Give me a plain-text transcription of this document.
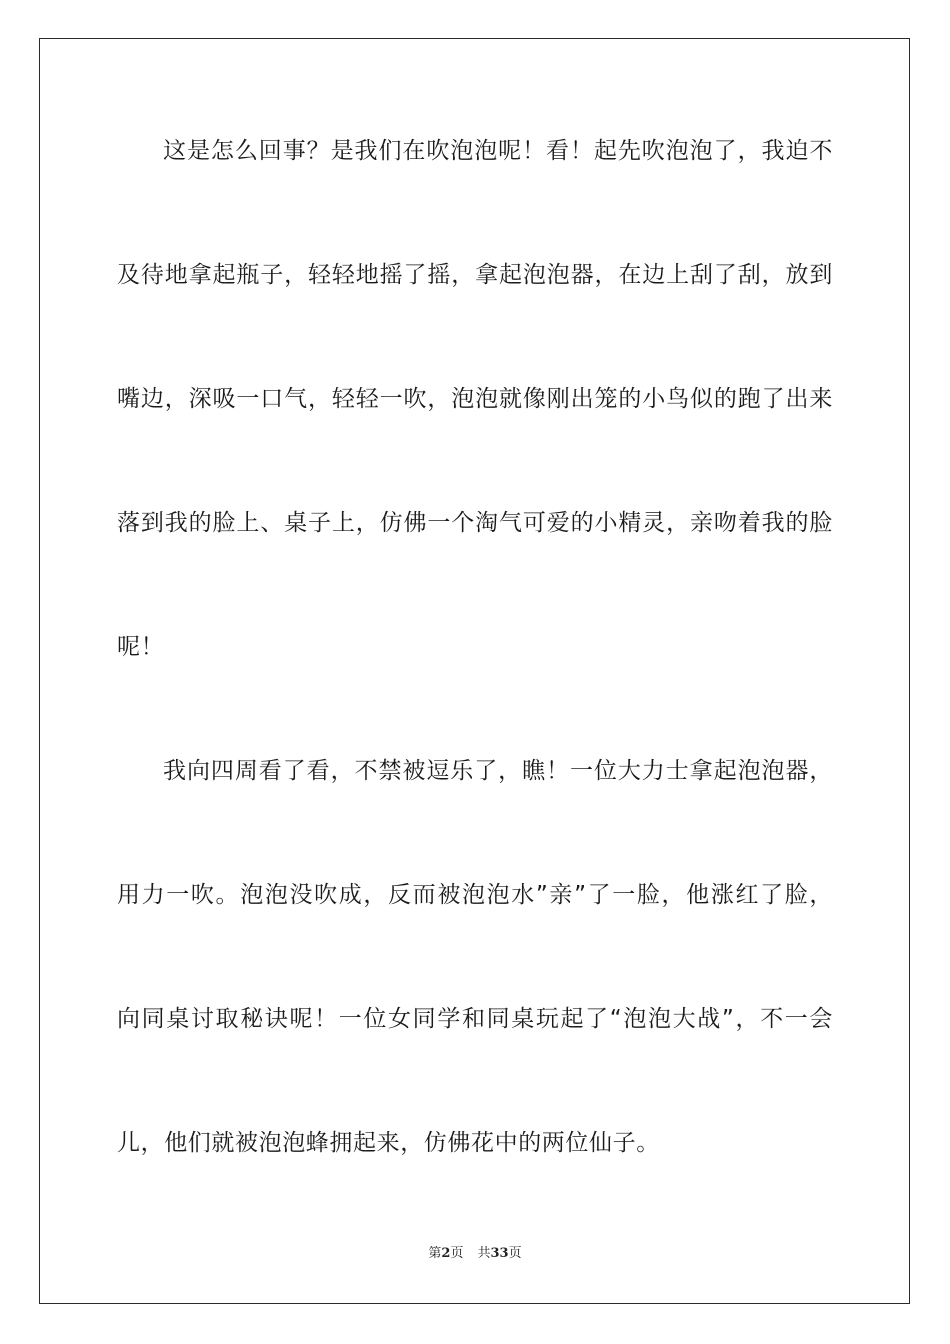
这是怎么回事？是我们在吹泡泡呢！看！起先吹泡泡了，我迫不
及待地拿起瓶子，轻轻地摇了摇，拿起泡泡器，在边上刮了刮，放到
嘴边，深吸一口气，轻轻一吹，泡泡就像刚出笼的小鸟似的跑了出来
落到我的脸上、桌子上，仿佛一个淘气可爱的小精灵，亲吻着我的脸
呢！
我向四周看了看，不禁被逗乐了，瞧！一位大力士拿起泡泡器，
用力一吹。泡泡没吹成，反而被泡泡水”亲”了一脸，他涨红了脸，
向同桌讨取秘诀呢！一位女同学和同桌玩起了“泡泡大战”，不一会
儿，他们就被泡泡蜂拥起来，仿佛花中的两位仙子。
第2页 共33页
